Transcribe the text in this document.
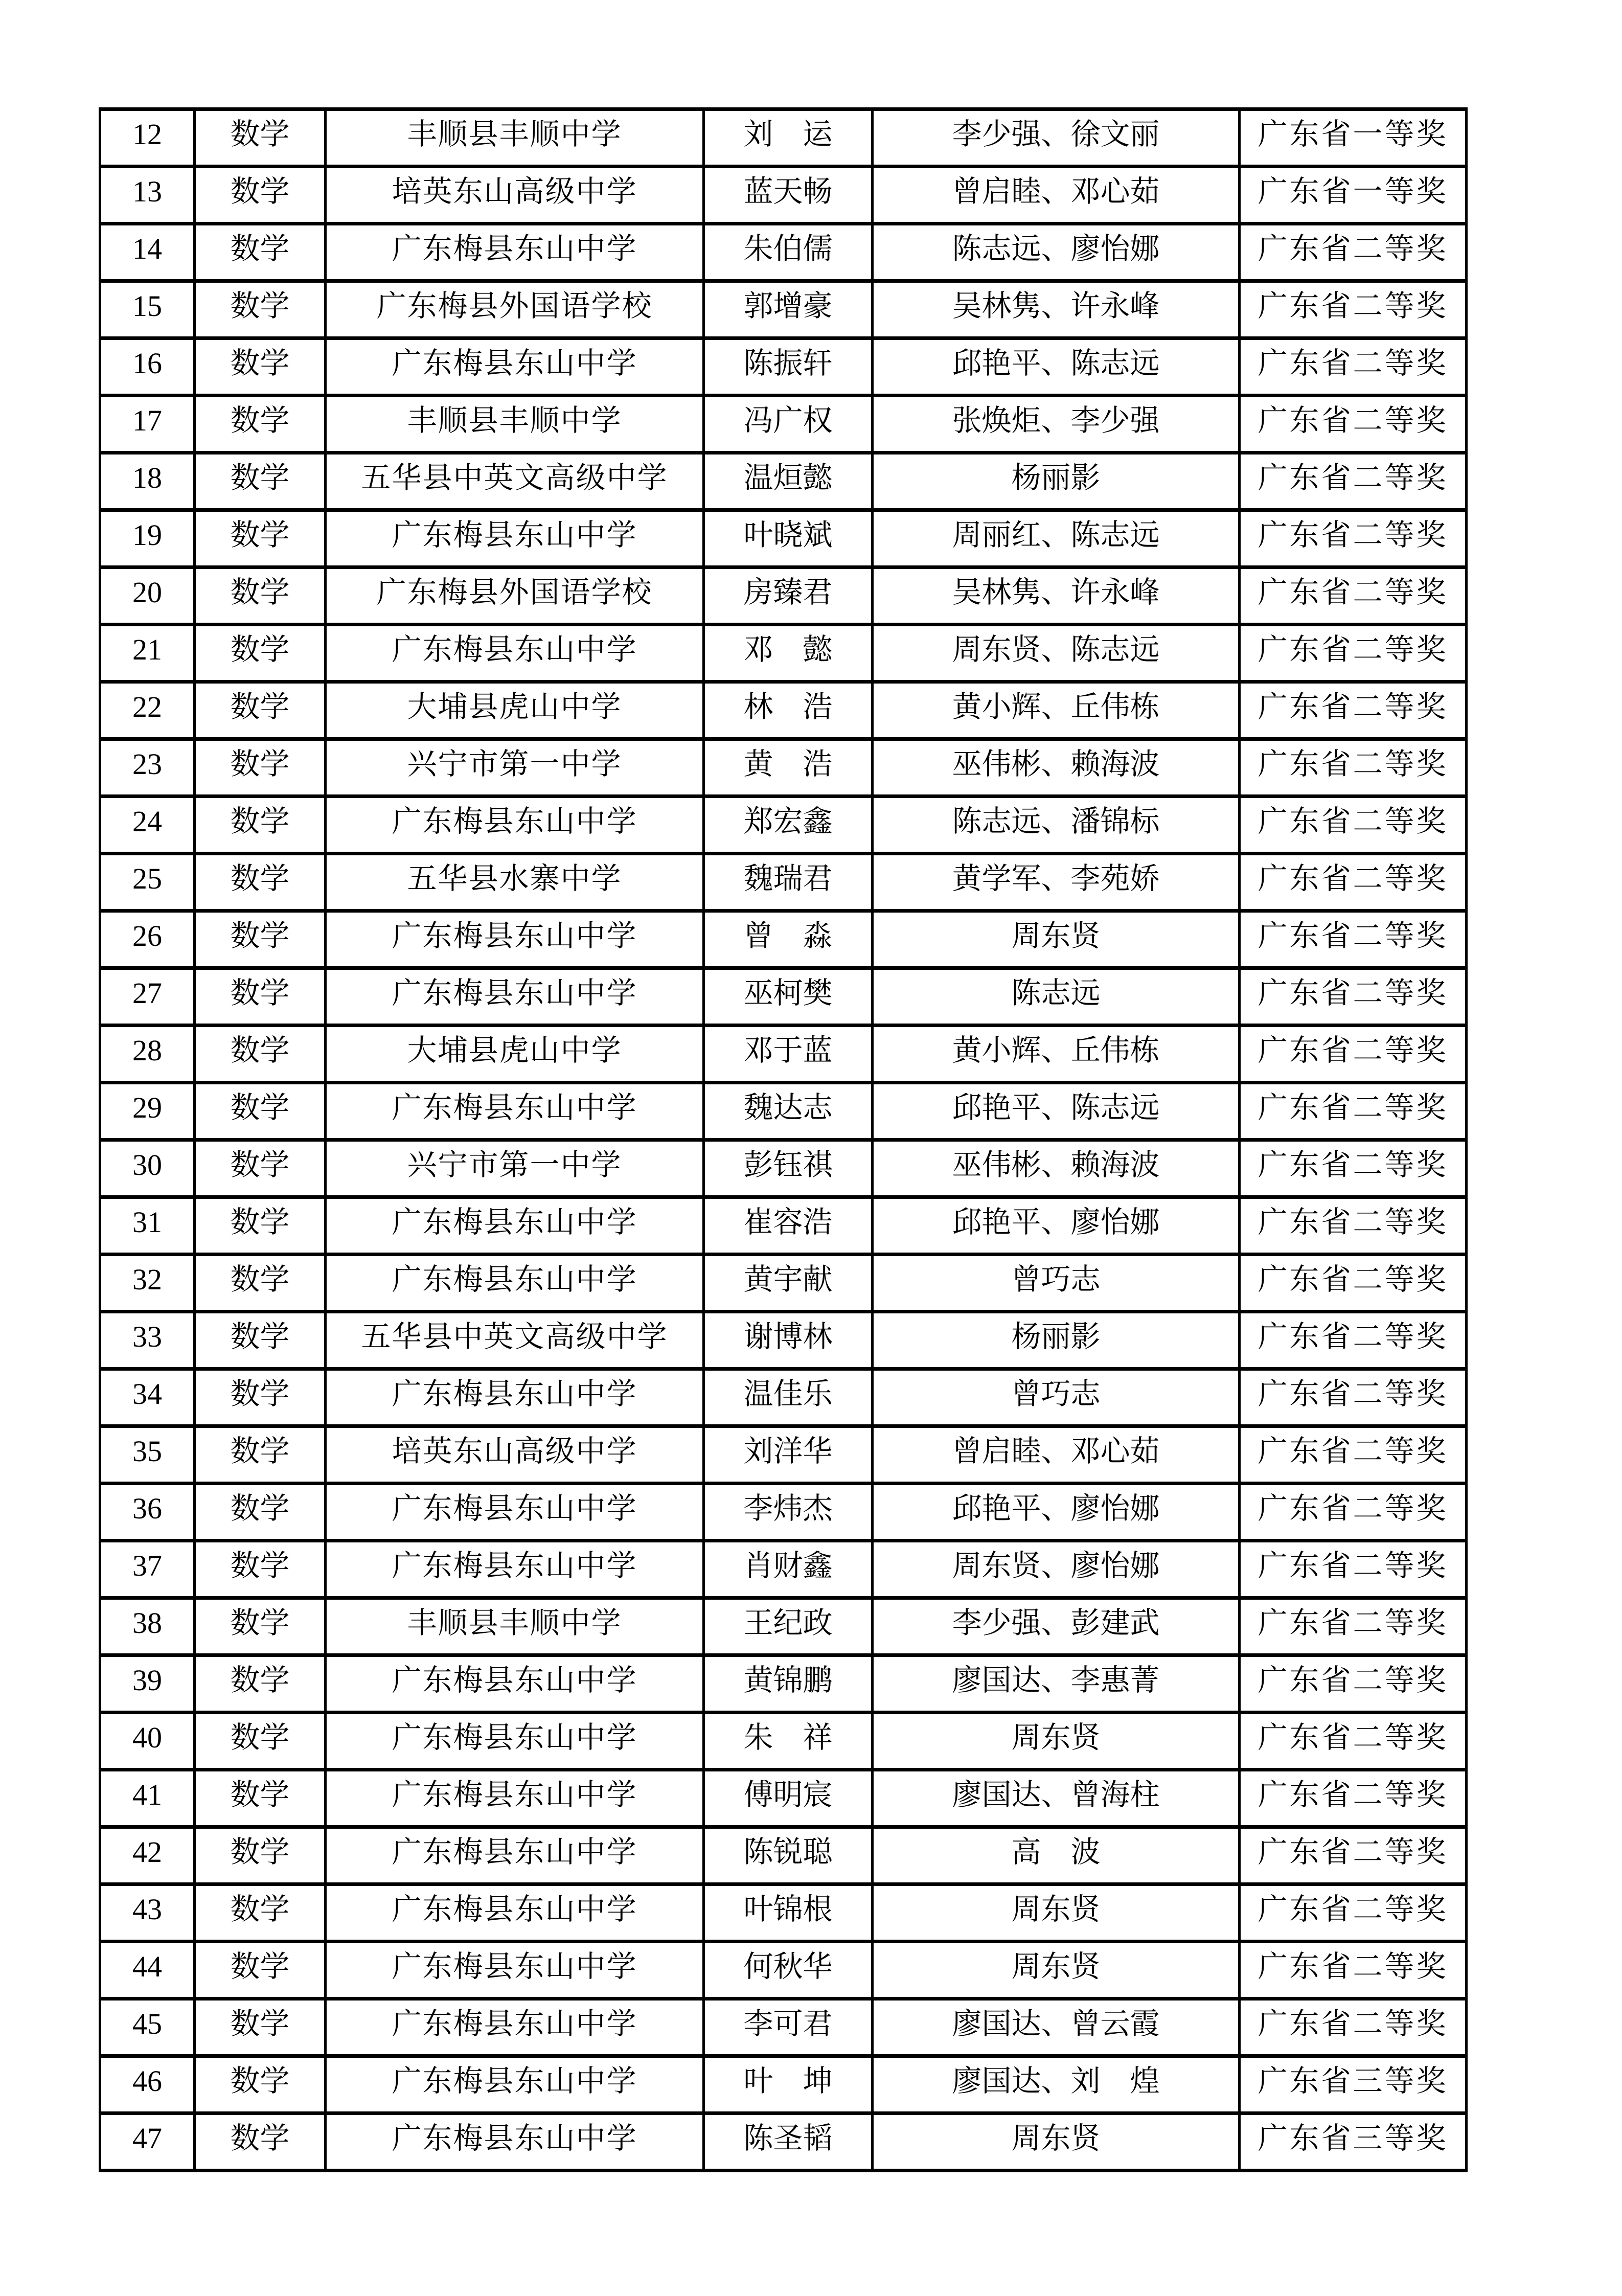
12	数学	丰顺县丰顺中学	刘　运	李少强、徐文丽	广东省一等奖
13	数学	培英东山高级中学	蓝天畅	曾启睦、邓心茹	广东省一等奖
14	数学	广东梅县东山中学	朱伯儒	陈志远、廖怡娜	广东省二等奖
15	数学	广东梅县外国语学校	郭增豪	吴林隽、许永峰	广东省二等奖
16	数学	广东梅县东山中学	陈振轩	邱艳平、陈志远	广东省二等奖
17	数学	丰顺县丰顺中学	冯广权	张焕炬、李少强	广东省二等奖
18	数学	五华县中英文高级中学	温烜懿	杨丽影	广东省二等奖
19	数学	广东梅县东山中学	叶晓斌	周丽红、陈志远	广东省二等奖
20	数学	广东梅县外国语学校	房臻君	吴林隽、许永峰	广东省二等奖
21	数学	广东梅县东山中学	邓　懿	周东贤、陈志远	广东省二等奖
22	数学	大埔县虎山中学	林　浩	黄小辉、丘伟栋	广东省二等奖
23	数学	兴宁市第一中学	黄　浩	巫伟彬、赖海波	广东省二等奖
24	数学	广东梅县东山中学	郑宏鑫	陈志远、潘锦标	广东省二等奖
25	数学	五华县水寨中学	魏瑞君	黄学军、李苑娇	广东省二等奖
26	数学	广东梅县东山中学	曾　淼	周东贤	广东省二等奖
27	数学	广东梅县东山中学	巫柯樊	陈志远	广东省二等奖
28	数学	大埔县虎山中学	邓于蓝	黄小辉、丘伟栋	广东省二等奖
29	数学	广东梅县东山中学	魏达志	邱艳平、陈志远	广东省二等奖
30	数学	兴宁市第一中学	彭钰祺	巫伟彬、赖海波	广东省二等奖
31	数学	广东梅县东山中学	崔容浩	邱艳平、廖怡娜	广东省二等奖
32	数学	广东梅县东山中学	黄宇献	曾巧志	广东省二等奖
33	数学	五华县中英文高级中学	谢博林	杨丽影	广东省二等奖
34	数学	广东梅县东山中学	温佳乐	曾巧志	广东省二等奖
35	数学	培英东山高级中学	刘洋华	曾启睦、邓心茹	广东省二等奖
36	数学	广东梅县东山中学	李炜杰	邱艳平、廖怡娜	广东省二等奖
37	数学	广东梅县东山中学	肖财鑫	周东贤、廖怡娜	广东省二等奖
38	数学	丰顺县丰顺中学	王纪政	李少强、彭建武	广东省二等奖
39	数学	广东梅县东山中学	黄锦鹏	廖国达、李惠菁	广东省二等奖
40	数学	广东梅县东山中学	朱　祥	周东贤	广东省二等奖
41	数学	广东梅县东山中学	傅明宸	廖国达、曾海柱	广东省二等奖
42	数学	广东梅县东山中学	陈锐聪	高　波	广东省二等奖
43	数学	广东梅县东山中学	叶锦根	周东贤	广东省二等奖
44	数学	广东梅县东山中学	何秋华	周东贤	广东省二等奖
45	数学	广东梅县东山中学	李可君	廖国达、曾云霞	广东省二等奖
46	数学	广东梅县东山中学	叶　坤	廖国达、刘　煌	广东省三等奖
47	数学	广东梅县东山中学	陈圣韬	周东贤	广东省三等奖
